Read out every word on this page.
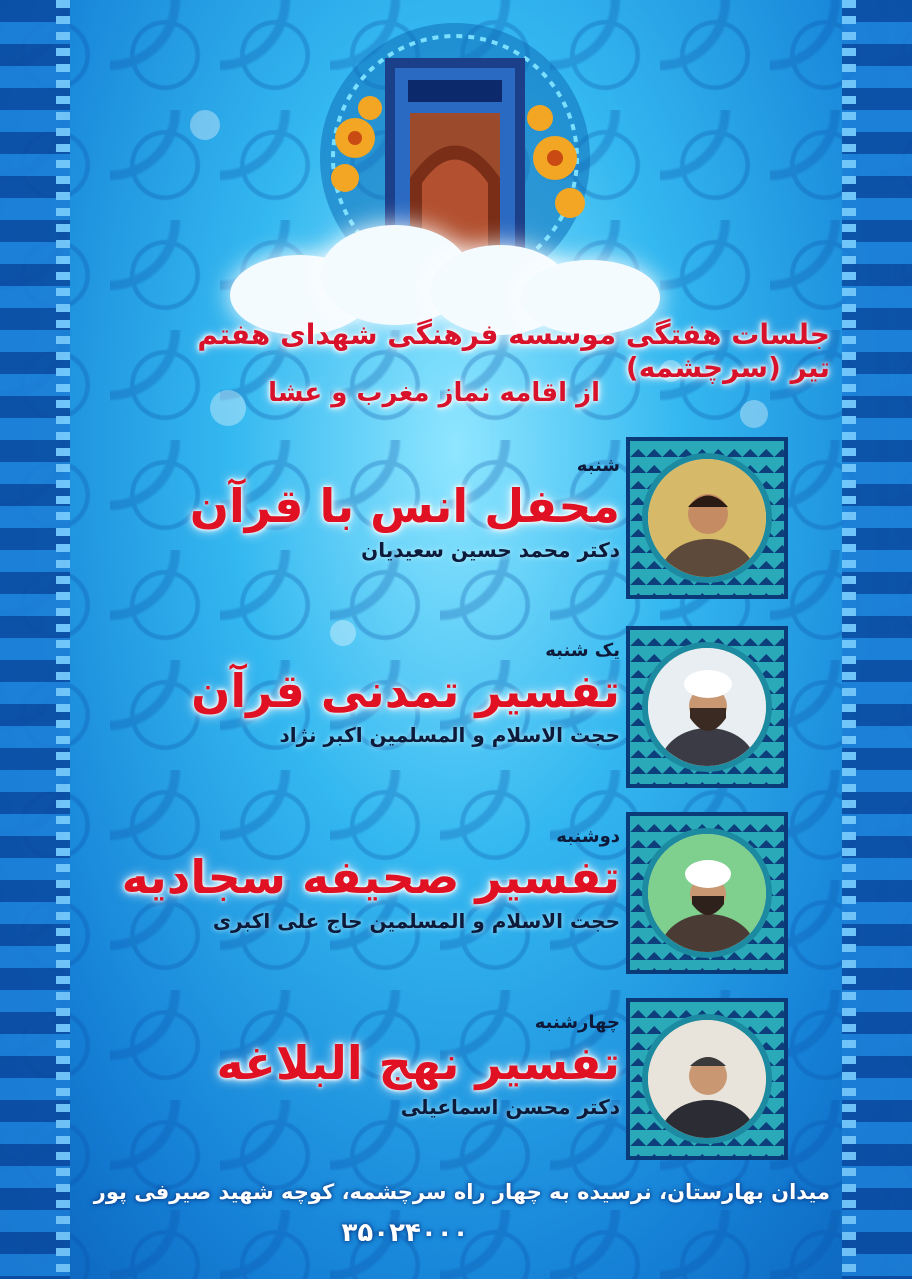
جلسات هفتگی موسسه فرهنگی شهدای هفتم تیر (سرچشمه)
از اقامه نماز مغرب و عشا
شنبه
محفل انس با قرآن
دکتر محمد حسین سعیدیان
یک شنبه
تفسیر تمدنی قرآن
حجت الاسلام و المسلمین اکبر نژاد
دوشنبه
تفسیر صحیفه سجادیه
حجت الاسلام و المسلمین حاج علی اکبری
چهارشنبه
تفسیر نهج البلاغه
دکتر محسن اسماعیلی
میدان بهارستان، نرسیده به چهار راه سرچشمه، کوچه شهید صیرفی پور
۳۵۰۲۴۰۰۰
